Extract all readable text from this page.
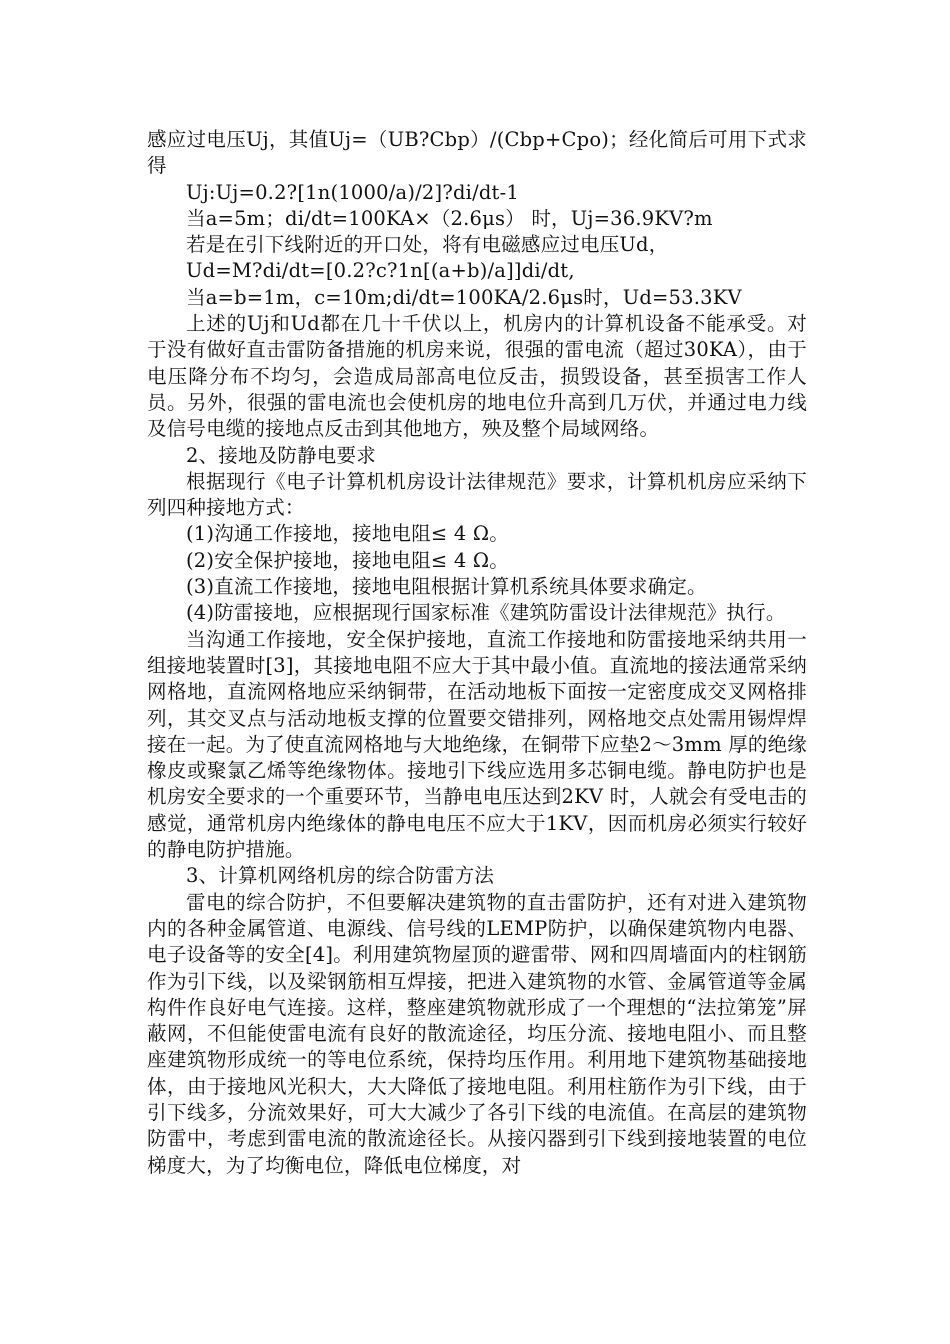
感应过电压Uj，其值Uj=（UB?Cbp）/(Cbp+Cpo)；经化简后可用下式求得

Uj:Uj=0.2?[1n(1000/a)/2]?di/dt-1

当a=5m；di/dt=100KA×（2.6μs） 时，Uj=36.9KV?m

若是在引下线附近的开口处，将有电磁感应过电压Ud，

Ud=M?di/dt=[0.2?c?1n[(a+b)/a]]di/dt,

当a=b=1m，c=10m;di/dt=100KA/2.6μs时，Ud=53.3KV

上述的Uj和Ud都在几十千伏以上，机房内的计算机设备不能承受。对于没有做好直击雷防备措施的机房来说，很强的雷电流（超过30KA），由于电压降分布不均匀，会造成局部高电位反击，损毁设备，甚至损害工作人员。另外，很强的雷电流也会使机房的地电位升高到几万伏，并通过电力线及信号电缆的接地点反击到其他地方，殃及整个局域网络。

2、接地及防静电要求

根据现行《电子计算机机房设计法律规范》要求，计算机机房应采纳下列四种接地方式：

(1)沟通工作接地，接地电阻≤ 4 Ω。

(2)安全保护接地，接地电阻≤ 4 Ω。

(3)直流工作接地，接地电阻根据计算机系统具体要求确定。

(4)防雷接地，应根据现行国家标准《建筑防雷设计法律规范》执行。

当沟通工作接地，安全保护接地，直流工作接地和防雷接地采纳共用一组接地装置时[3]，其接地电阻不应大于其中最小值。直流地的接法通常采纳网格地，直流网格地应采纳铜带，在活动地板下面按一定密度成交叉网格排列，其交叉点与活动地板支撑的位置要交错排列，网格地交点处需用锡焊焊接在一起。为了使直流网格地与大地绝缘，在铜带下应垫2～3mm 厚的绝缘橡皮或聚氯乙烯等绝缘物体。接地引下线应选用多芯铜电缆。静电防护也是机房安全要求的一个重要环节，当静电电压达到2KV 时，人就会有受电击的感觉，通常机房内绝缘体的静电电压不应大于1KV，因而机房必须实行较好的静电防护措施。

3、计算机网络机房的综合防雷方法

雷电的综合防护，不但要解决建筑物的直击雷防护，还有对进入建筑物内的各种金属管道、电源线、信号线的LEMP防护，以确保建筑物内电器、电子设备等的安全[4]。利用建筑物屋顶的避雷带、网和四周墙面内的柱钢筋作为引下线，以及梁钢筋相互焊接，把进入建筑物的水管、金属管道等金属构件作良好电气连接。这样，整座建筑物就形成了一个理想的“法拉第笼”屏蔽网，不但能使雷电流有良好的散流途径，均压分流、接地电阻小、而且整座建筑物形成统一的等电位系统，保持均压作用。利用地下建筑物基础接地体，由于接地风光积大，大大降低了接地电阻。利用柱筋作为引下线，由于引下线多，分流效果好，可大大减少了各引下线的电流值。在高层的建筑物防雷中，考虑到雷电流的散流途径长。从接闪器到引下线到接地装置的电位梯度大，为了均衡电位，降低电位梯度，对
